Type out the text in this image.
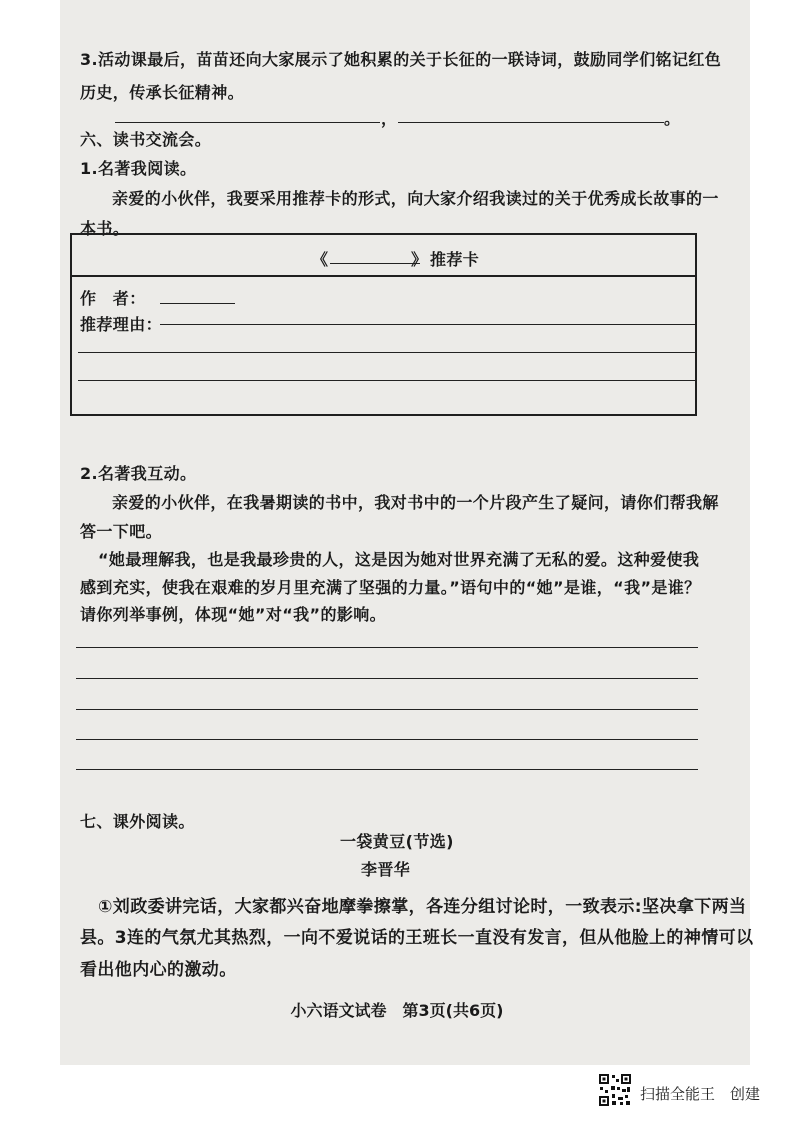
3.活动课最后，苗苗还向大家展示了她积累的关于长征的一联诗词，鼓励同学们铭记红色
历史，传承长征精神。
，	。
六、读书交流会。
1.名著我阅读。
亲爱的小伙伴，我要采用推荐卡的形式，向大家介绍我读过的关于优秀成长故事的一
本书。
《	》 推荐卡
作　者：
推荐理由：
2.名著我互动。
亲爱的小伙伴，在我暑期读的书中，我对书中的一个片段产生了疑问，请你们帮我解
答一下吧。
“她最理解我，也是我最珍贵的人，这是因为她对世界充满了无私的爱。这种爱使我
感到充实，使我在艰难的岁月里充满了坚强的力量。”语句中的“她”是谁，“我”是谁？
请你列举事例，体现“她”对“我”的影响。
七、课外阅读。
一袋黄豆(节选)
李晋华
①刘政委讲完话，大家都兴奋地摩拳擦掌，各连分组讨论时，一致表示:坚决拿下两当
县。3连的气氛尤其热烈，一向不爱说话的王班长一直没有发言，但从他脸上的神情可以
看出他内心的激动。
小六语文试卷　第3页(共6页)
扫描全能王　创建
